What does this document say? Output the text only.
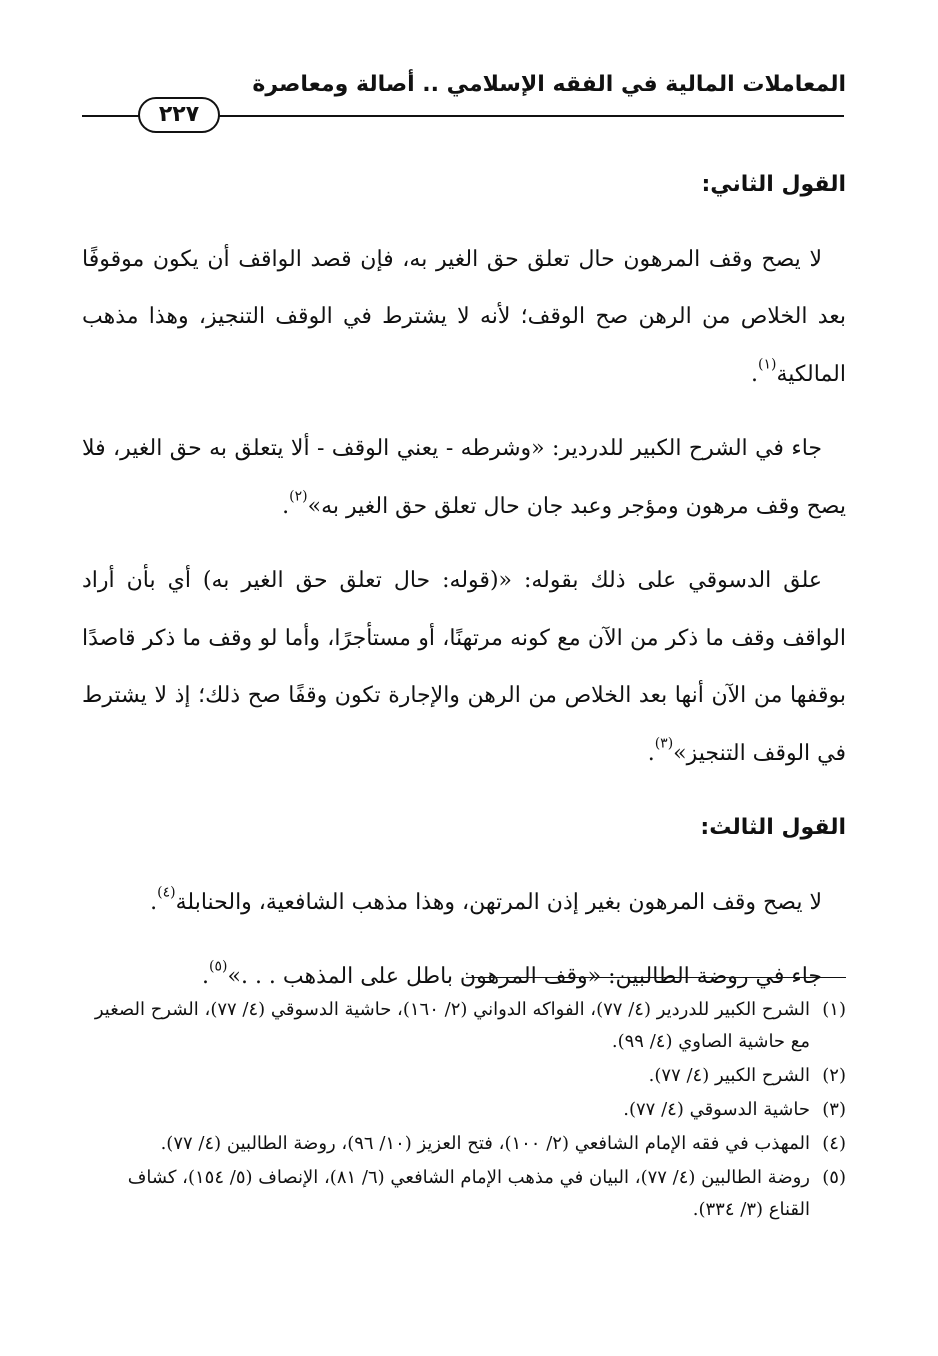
المعاملات المالية في الفقه الإسلامي .. أصالة ومعاصرة
٢٢٧

القول الثاني:

لا يصح وقف المرهون حال تعلق حق الغير به، فإن قصد الواقف أن يكون موقوفًا بعد الخلاص من الرهن صح الوقف؛ لأنه لا يشترط في الوقف التنجيز، وهذا مذهب المالكية$^{(١)}$.

جاء في الشرح الكبير للدردير: «وشرطه - يعني الوقف - ألا يتعلق به حق الغير، فلا يصح وقف مرهون ومؤجر وعبد جان حال تعلق حق الغير به»$^{(٢)}$.

علق الدسوقي على ذلك بقوله: «(قوله: حال تعلق حق الغير به) أي بأن أراد الواقف وقف ما ذكر من الآن مع كونه مرتهنًا، أو مستأجرًا، وأما لو وقف ما ذكر قاصدًا بوقفها من الآن أنها بعد الخلاص من الرهن والإجارة تكون وقفًا صح ذلك؛ إذ لا يشترط في الوقف التنجيز»$^{(٣)}$.

القول الثالث:

لا يصح وقف المرهون بغير إذن المرتهن، وهذا مذهب الشافعية، والحنابلة$^{(٤)}$.

جاء في روضة الطالبين: «وقف المرهون باطل على المذهب . . .»$^{(٥)}$.

(١)
الشرح الكبير للدردير (٤/ ٧٧)، الفواكه الدواني (٢/ ١٦٠)، حاشية الدسوقي (٤/ ٧٧)، الشرح الصغير مع حاشية الصاوي (٤/ ٩٩).
(٢)
الشرح الكبير (٤/ ٧٧).
(٣)
حاشية الدسوقي (٤/ ٧٧).
(٤)
المهذب في فقه الإمام الشافعي (٢/ ١٠٠)، فتح العزيز (١٠/ ٩٦)، روضة الطالبين (٤/ ٧٧).
(٥)
روضة الطالبين (٤/ ٧٧)، البيان في مذهب الإمام الشافعي (٦/ ٨١)، الإنصاف (٥/ ١٥٤)، كشاف القناع (٣/ ٣٣٤).
